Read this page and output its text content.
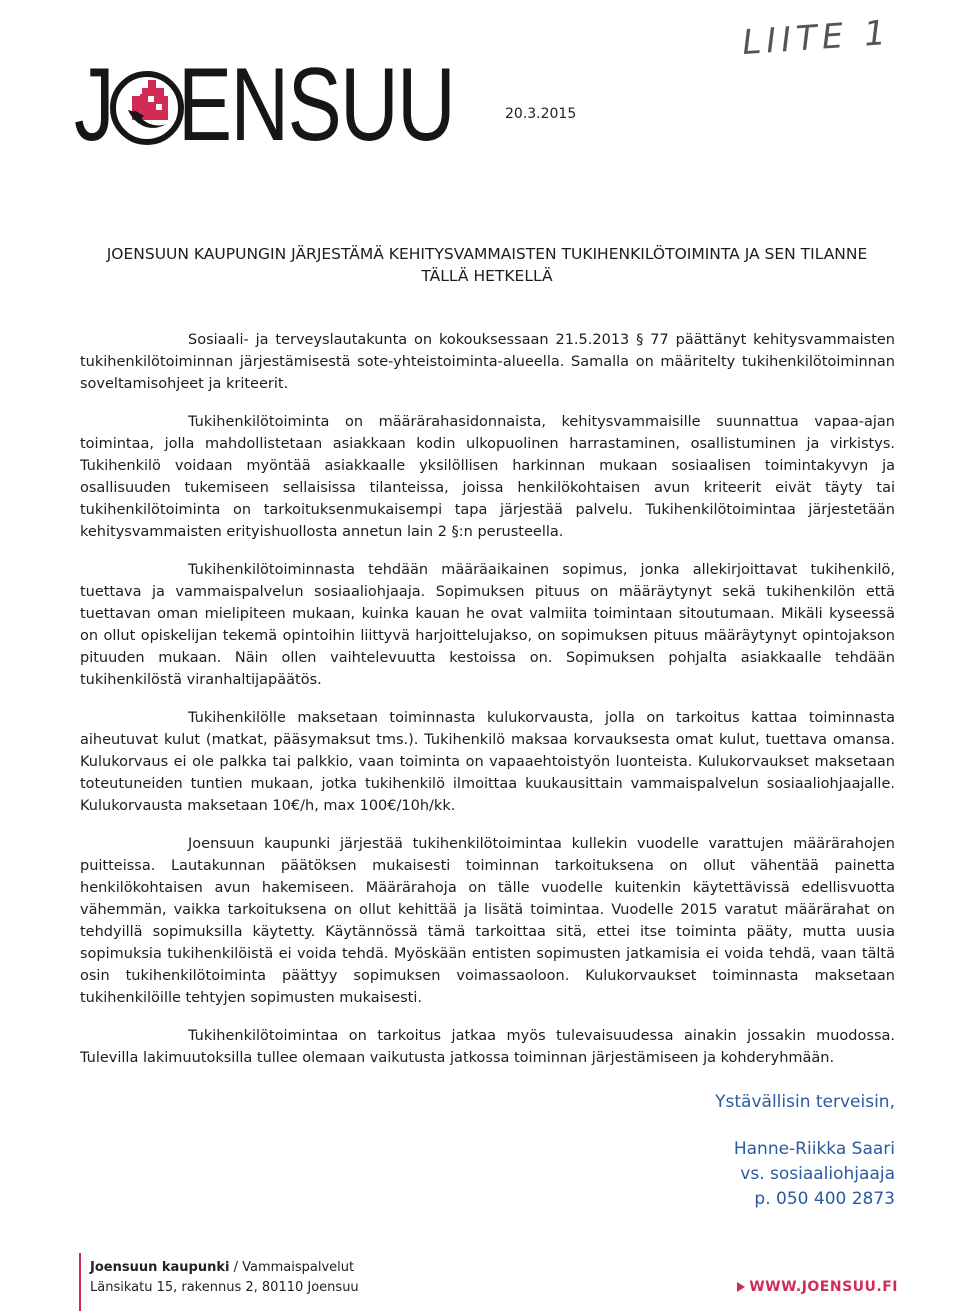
J ENSUU
LIITE 1
20.3.2015
JOENSUUN KAUPUNGIN JÄRJESTÄMÄ KEHITYSVAMMAISTEN TUKIHENKILÖTOIMINTA JA SEN TILANNE
TÄLLÄ HETKELLÄ

Sosiaali- ja terveyslautakunta on kokouksessaan 21.5.2013 § 77 päättänyt kehitysvammaisten tukihenkilötoiminnan järjestämisestä sote-yhteistoiminta-alueella. Samalla on määritelty tukihenkilötoiminnan soveltamisohjeet ja kriteerit.

Tukihenkilötoiminta on määrärahasidonnaista, kehitysvammaisille suunnattua vapaa-ajan toimintaa, jolla mahdollistetaan asiakkaan kodin ulkopuolinen harrastaminen, osallistuminen ja virkistys. Tukihenkilö voidaan myöntää asiakkaalle yksilöllisen harkinnan mukaan sosiaalisen toimintakyvyn ja osallisuuden tukemiseen sellaisissa tilanteissa, joissa henkilökohtaisen avun kriteerit eivät täyty tai tukihenkilötoiminta on tarkoituksenmukaisempi tapa järjestää palvelu. Tukihenkilötoimintaa järjestetään kehitysvammaisten erityishuollosta annetun lain 2 §:n perusteella.

Tukihenkilötoiminnasta tehdään määräaikainen sopimus, jonka allekirjoittavat tukihenkilö, tuettava ja vammaispalvelun sosiaaliohjaaja. Sopimuksen pituus on määräytynyt sekä tukihenkilön että tuettavan oman mielipiteen mukaan, kuinka kauan he ovat valmiita toimintaan sitoutumaan. Mikäli kyseessä on ollut opiskelijan tekemä opintoihin liittyvä harjoittelujakso, on sopimuksen pituus määräytynyt opintojakson pituuden mukaan. Näin ollen vaihtelevuutta kestoissa on. Sopimuksen pohjalta asiakkaalle tehdään tukihenkilöstä viranhaltijapäätös.

Tukihenkilölle maksetaan toiminnasta kulukorvausta, jolla on tarkoitus kattaa toiminnasta aiheutuvat kulut (matkat, pääsymaksut tms.). Tukihenkilö maksaa korvauksesta omat kulut, tuettava omansa. Kulukorvaus ei ole palkka tai palkkio, vaan toiminta on vapaaehtoistyön luonteista. Kulukorvaukset maksetaan toteutuneiden tuntien mukaan, jotka tukihenkilö ilmoittaa kuukausittain vammaispalvelun sosiaaliohjaajalle. Kulukorvausta maksetaan 10€/h, max 100€/10h/kk.

Joensuun kaupunki järjestää tukihenkilötoimintaa kullekin vuodelle varattujen määrärahojen puitteissa. Lautakunnan päätöksen mukaisesti toiminnan tarkoituksena on ollut vähentää painetta henkilökohtaisen avun hakemiseen. Määrärahoja on tälle vuodelle kuitenkin käytettävissä edellisvuotta vähemmän, vaikka tarkoituksena on ollut kehittää ja lisätä toimintaa. Vuodelle 2015 varatut määrärahat on tehdyillä sopimuksilla käytetty. Käytännössä tämä tarkoittaa sitä, ettei itse toiminta pääty, mutta uusia sopimuksia tukihenkilöistä ei voida tehdä. Myöskään entisten sopimusten jatkamisia ei voida tehdä, vaan tältä osin tukihenkilötoiminta päättyy sopimuksen voimassaoloon. Kulukorvaukset toiminnasta maksetaan tukihenkilöille tehtyjen sopimusten mukaisesti.

Tukihenkilötoimintaa on tarkoitus jatkaa myös tulevaisuudessa ainakin jossakin muodossa. Tulevilla lakimuutoksilla tullee olemaan vaikutusta jatkossa toiminnan järjestämiseen ja kohderyhmään.

Ystävällisin terveisin,
Hanne-Riikka Saari
vs. sosiaaliohjaaja
p. 050 400 2873
Joensuun kaupunki / Vammaispalvelut
Länsikatu 15, rakennus 2, 80110 Joensuu	WWW.JOENSUU.FI
